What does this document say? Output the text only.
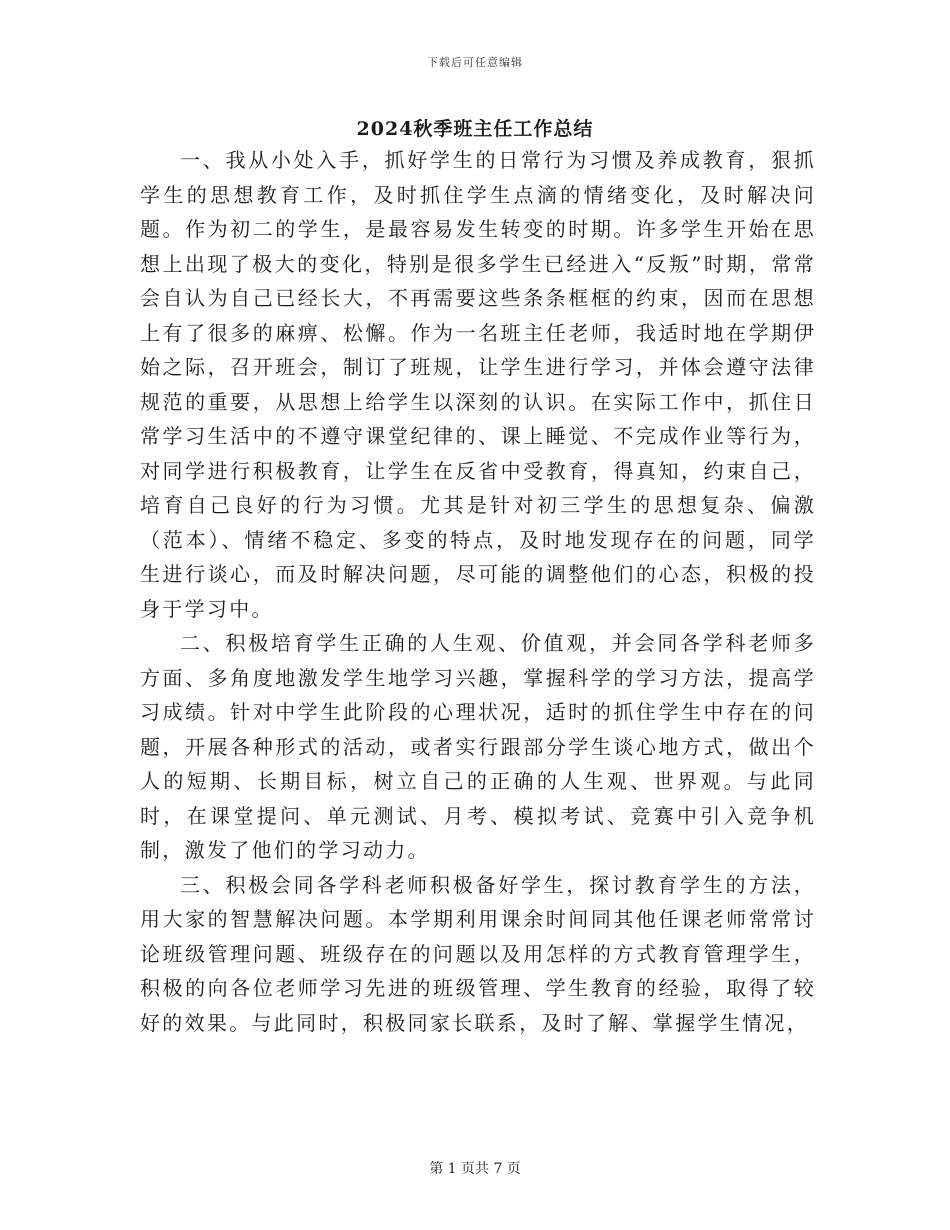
下载后可任意编辑
2024秋季班主任工作总结

一、我从小处入手，抓好学生的日常行为习惯及养成教育，狠抓学生的思想教育工作，及时抓住学生点滴的情绪变化，及时解决问题。作为初二的学生，是最容易发生转变的时期。许多学生开始在思想上出现了极大的变化，特别是很多学生已经进入“反叛”时期，常常会自认为自己已经长大，不再需要这些条条框框的约束，因而在思想上有了很多的麻痹、松懈。作为一名班主任老师，我适时地在学期伊始之际，召开班会，制订了班规，让学生进行学习，并体会遵守法律规范的重要，从思想上给学生以深刻的认识。在实际工作中，抓住日常学习生活中的不遵守课堂纪律的、课上睡觉、不完成作业等行为，对同学进行积极教育，让学生在反省中受教育，得真知，约束自己，培育自己良好的行为习惯。尤其是针对初三学生的思想复杂、偏激（范本）、情绪不稳定、多变的特点，及时地发现存在的问题，同学生进行谈心，而及时解决问题，尽可能的调整他们的心态，积极的投身于学习中。

二、积极培育学生正确的人生观、价值观，并会同各学科老师多方面、多角度地激发学生地学习兴趣，掌握科学的学习方法，提高学习成绩。针对中学生此阶段的心理状况，适时的抓住学生中存在的问题，开展各种形式的活动，或者实行跟部分学生谈心地方式，做出个人的短期、长期目标，树立自己的正确的人生观、世界观。与此同时，在课堂提问、单元测试、月考、模拟考试、竞赛中引入竞争机制，激发了他们的学习动力。

三、积极会同各学科老师积极备好学生，探讨教育学生的方法，用大家的智慧解决问题。本学期利用课余时间同其他任课老师常常讨论班级管理问题、班级存在的问题以及用怎样的方式教育管理学生，积极的向各位老师学习先进的班级管理、学生教育的经验，取得了较好的效果。与此同时，积极同家长联系，及时了解、掌握学生情况，

第 1 页共 7 页
